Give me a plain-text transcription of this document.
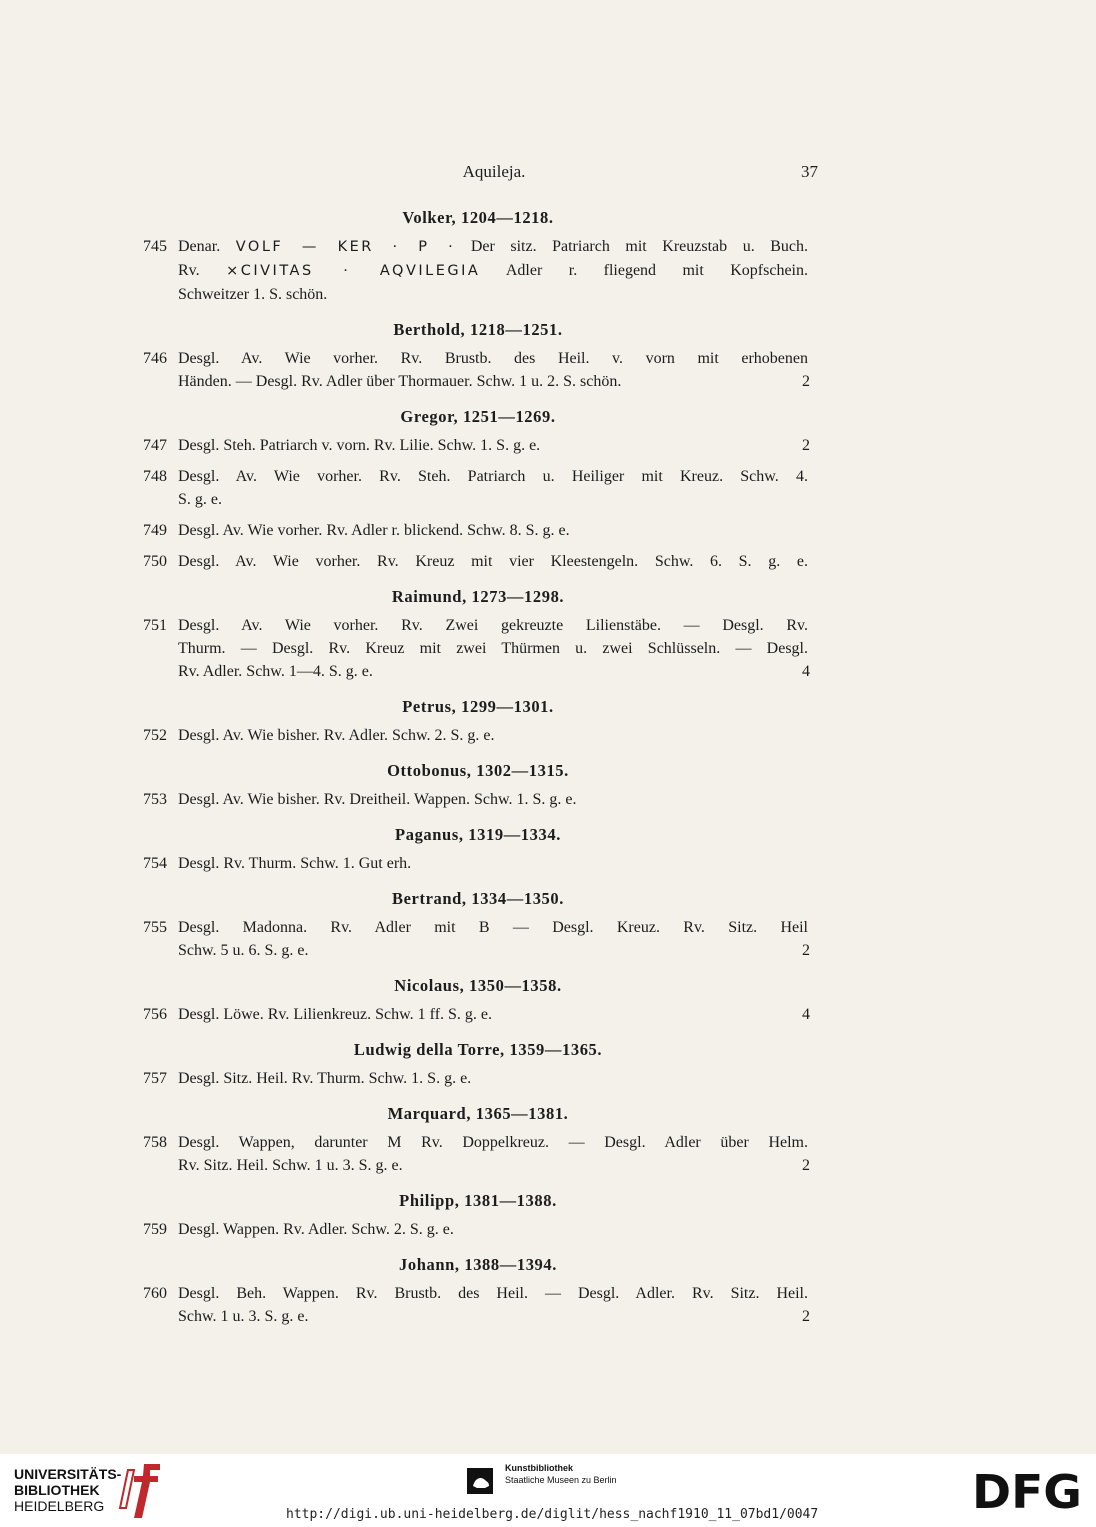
Aquileja.	37
Volker, 1204—1218.
745 Denar. VOLF — KER · P · Der sitz. Patriarch mit Kreuzstab u. Buch.
Rv. ×CIVITAS · AQVILEGIA Adler r. fliegend mit Kopfschein.
Schweitzer 1. S. schön.
Berthold, 1218—1251.
746 Desgl. Av. Wie vorher. Rv. Brustb. des Heil. v. vorn mit erhobenen
Händen. — Desgl. Rv. Adler über Thormauer. Schw. 1 u. 2. S. schön.	2
Gregor, 1251—1269.
747 Desgl. Steh. Patriarch v. vorn. Rv. Lilie. Schw. 1. S. g. e.	2
748 Desgl. Av. Wie vorher. Rv. Steh. Patriarch u. Heiliger mit Kreuz. Schw. 4.
S. g. e.
749 Desgl. Av. Wie vorher. Rv. Adler r. blickend. Schw. 8. S. g. e.
750 Desgl. Av. Wie vorher. Rv. Kreuz mit vier Kleestengeln. Schw. 6. S. g. e.
Raimund, 1273—1298.
751 Desgl. Av. Wie vorher. Rv. Zwei gekreuzte Lilienstäbe. — Desgl. Rv.
Thurm. — Desgl. Rv. Kreuz mit zwei Thürmen u. zwei Schlüsseln. — Desgl.
Rv. Adler. Schw. 1—4. S. g. e.	4
Petrus, 1299—1301.
752 Desgl. Av. Wie bisher. Rv. Adler. Schw. 2. S. g. e.
Ottobonus, 1302—1315.
753 Desgl. Av. Wie bisher. Rv. Dreitheil. Wappen. Schw. 1. S. g. e.
Paganus, 1319—1334.
754 Desgl. Rv. Thurm. Schw. 1. Gut erh.
Bertrand, 1334—1350.
755 Desgl. Madonna. Rv. Adler mit B — Desgl. Kreuz. Rv. Sitz. Heil
Schw. 5 u. 6. S. g. e.	2
Nicolaus, 1350—1358.
756 Desgl. Löwe. Rv. Lilienkreuz. Schw. 1 ff. S. g. e.	4
Ludwig della Torre, 1359—1365.
757 Desgl. Sitz. Heil. Rv. Thurm. Schw. 1. S. g. e.
Marquard, 1365—1381.
758 Desgl. Wappen, darunter M Rv. Doppelkreuz. — Desgl. Adler über Helm.
Rv. Sitz. Heil. Schw. 1 u. 3. S. g. e.	2
Philipp, 1381—1388.
759 Desgl. Wappen. Rv. Adler. Schw. 2. S. g. e.
Johann, 1388—1394.
760 Desgl. Beh. Wappen. Rv. Brustb. des Heil. — Desgl. Adler. Rv. Sitz. Heil.
Schw. 1 u. 3. S. g. e.	2
UNIVERSITÄTS-
BIBLIOTHEK
HEIDELBERG
Kunstbibliothek
Staatliche Museen zu Berlin	DFG
http://digi.ub.uni-heidelberg.de/diglit/hess_nachf1910_11_07bd1/0047
